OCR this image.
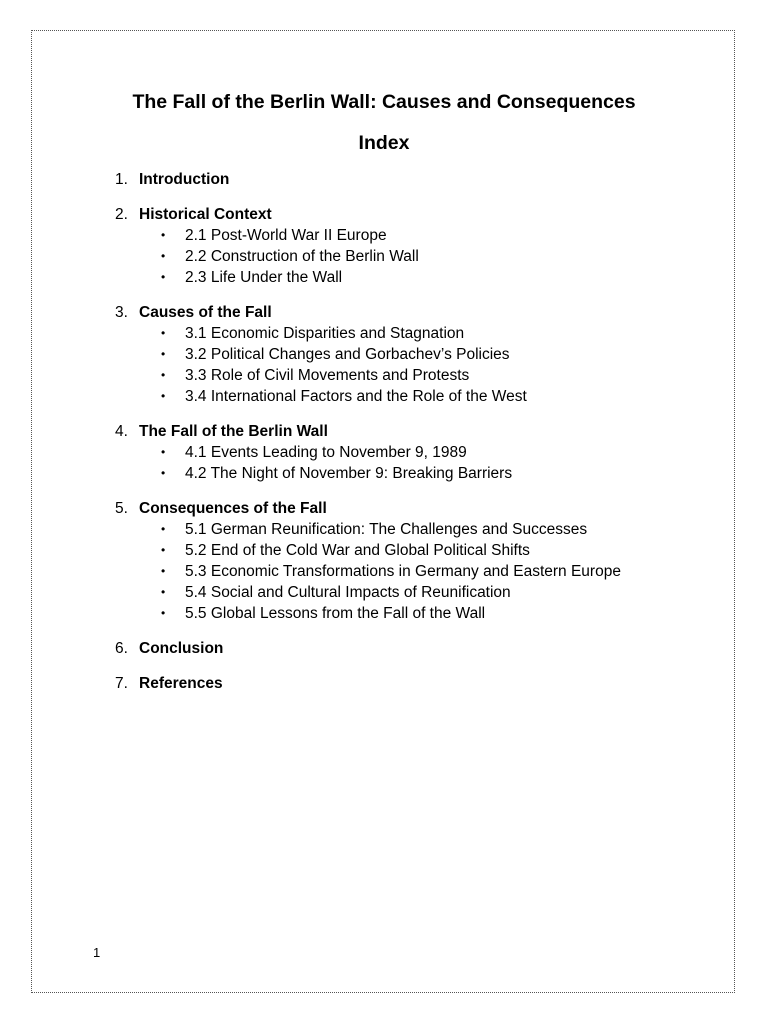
The Fall of the Berlin Wall: Causes and Consequences
Index
1. Introduction
2. Historical Context
• 2.1 Post-World War II Europe
• 2.2 Construction of the Berlin Wall
• 2.3 Life Under the Wall
3. Causes of the Fall
• 3.1 Economic Disparities and Stagnation
• 3.2 Political Changes and Gorbachev’s Policies
• 3.3 Role of Civil Movements and Protests
• 3.4 International Factors and the Role of the West
4. The Fall of the Berlin Wall
• 4.1 Events Leading to November 9, 1989
• 4.2 The Night of November 9: Breaking Barriers
5. Consequences of the Fall
• 5.1 German Reunification: The Challenges and Successes
• 5.2 End of the Cold War and Global Political Shifts
• 5.3 Economic Transformations in Germany and Eastern Europe
• 5.4 Social and Cultural Impacts of Reunification
• 5.5 Global Lessons from the Fall of the Wall
6. Conclusion
7. References
1
